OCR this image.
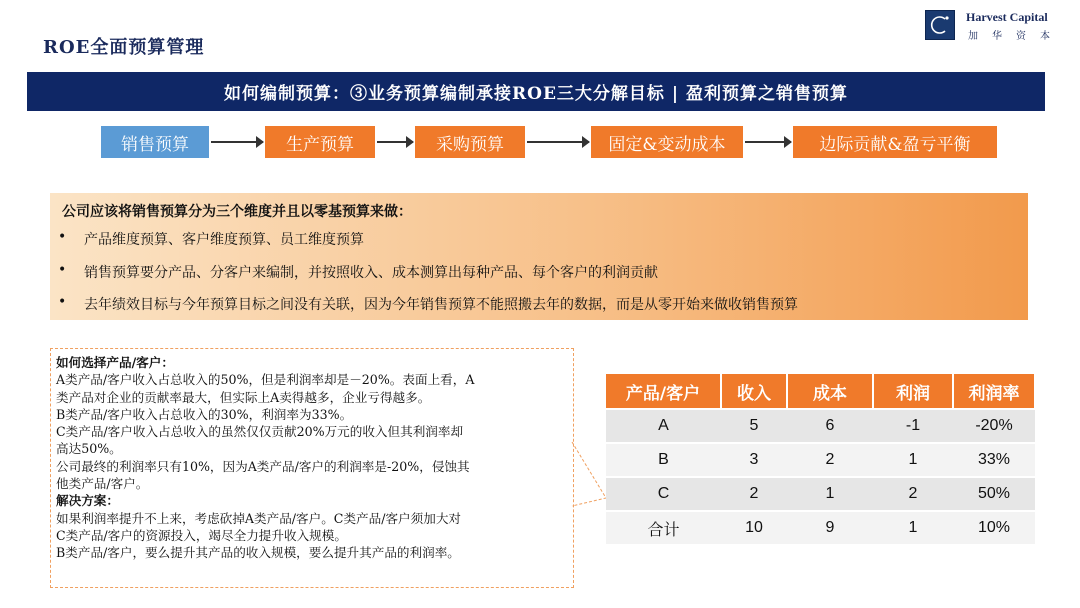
ROE全面预算管理
Harvest Capital
加华资本
如何编制预算：③业务预算编制承接ROE三大分解目标 | 盈利预算之销售预算
销售预算	生产预算	采购预算	固定&变动成本	边际贡献&盈亏平衡
公司应该将销售预算分为三个维度并且以零基预算来做：
• 产品维度预算、客户维度预算、员工维度预算
• 销售预算要分产品、分客户来编制，并按照收入、成本测算出每种产品、每个客户的利润贡献
• 去年绩效目标与今年预算目标之间没有关联，因为今年销售预算不能照搬去年的数据，而是从零开始来做收销售预算
如何选择产品/客户：
A类产品/客户收入占总收入的50%，但是利润率却是－20%。表面上看，A
类产品对企业的贡献率最大，但实际上A卖得越多，企业亏得越多。
B类产品/客户收入占总收入的30%，利润率为33%。
C类产品/客户收入占总收入的虽然仅仅贡献20%万元的收入但其利润率却
高达50%。
公司最终的利润率只有10%，因为A类产品/客户的利润率是-20%，侵蚀其
他类产品/客户。
解决方案：
如果利润率提升不上来，考虑砍掉A类产品/客户。C类产品/客户须加大对
C类产品/客户的资源投入，竭尽全力提升收入规模。
B类产品/客户，要么提升其产品的收入规模，要么提升其产品的利润率。
产品/客户	收入	成本	利润	利润率
A	5	6	-1	-20%
B	3	2	1	33%
C	2	1	2	50%
合计	10	9	1	10%
